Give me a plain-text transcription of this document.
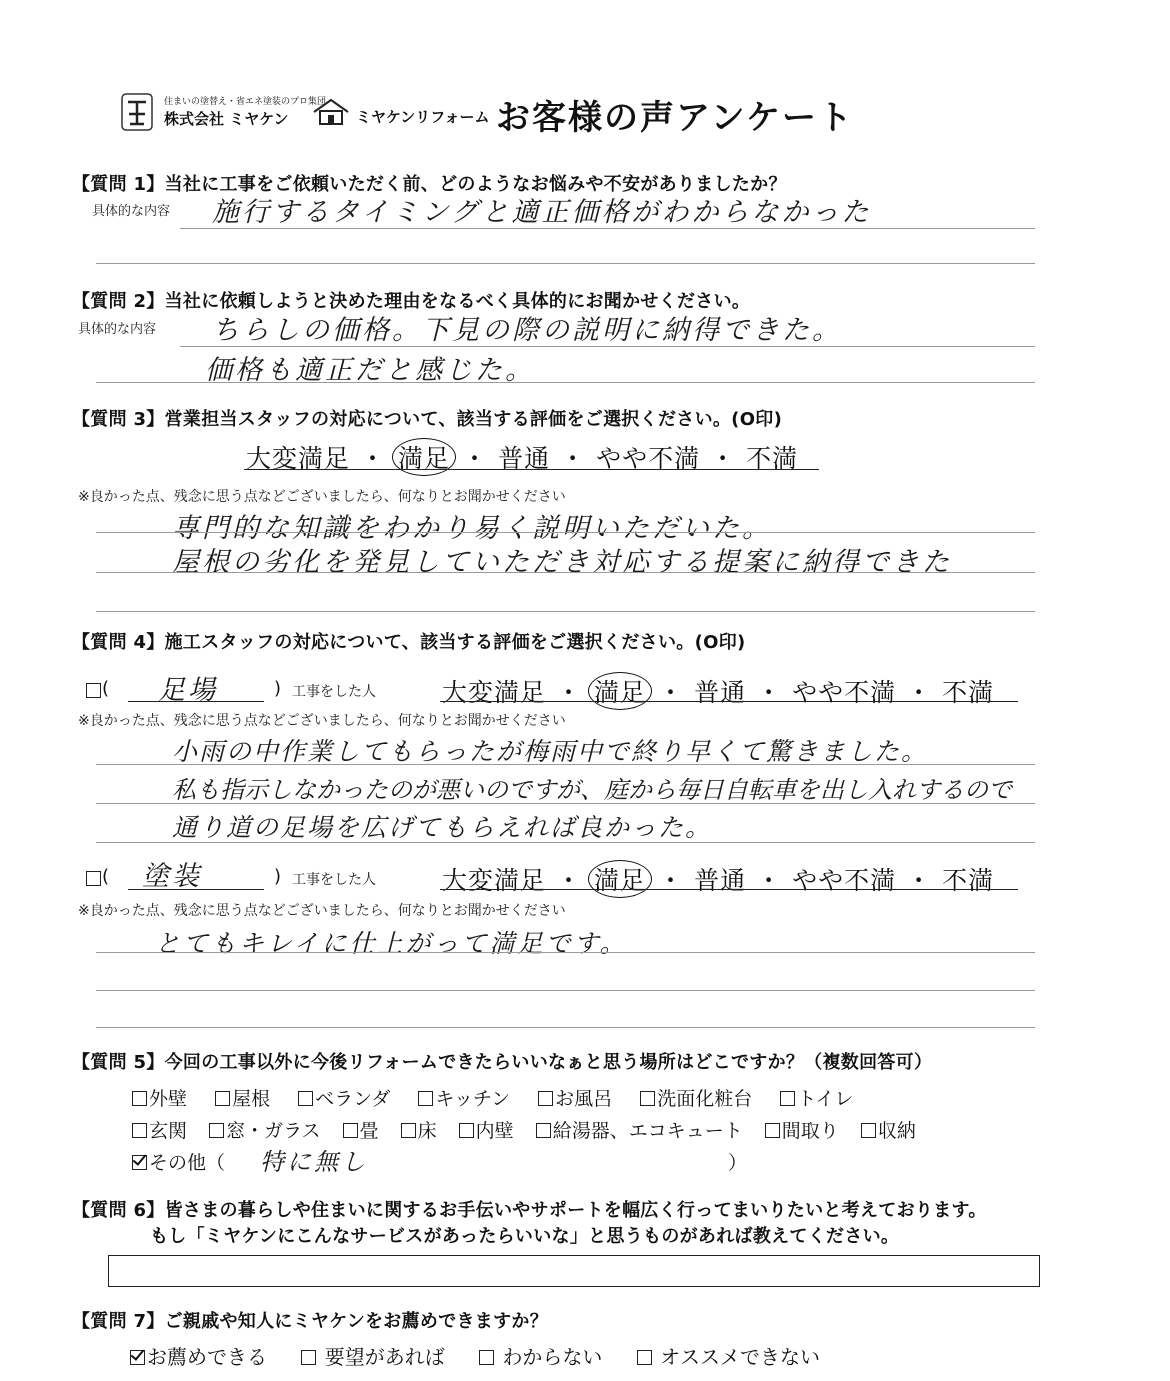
住まいの塗替え・省エネ塗装のプロ集団
株式会社 ミヤケン	ミヤケンリフォーム お客様の声アンケート
【質問 1】当社に工事をご依頼いただく前、どのようなお悩みや不安がありましたか？
具体的な内容 施行するタイミングと適正価格がわからなかった
【質問 2】当社に依頼しようと決めた理由をなるべく具体的にお聞かせください。
具体的な内容 ちらしの価格。下見の際の説明に納得できた。
価格も適正だと感じた。
【質問 3】営業担当スタッフの対応について、該当する評価をご選択ください。(O印)
大変満足 ・ 満足 ・ 普通 ・ やや不満 ・ 不満
※良かった点、残念に思う点などございましたら、何なりとお聞かせください
専門的な知識をわかり易く説明いただいた。
屋根の劣化を発見していただき対応する提案に納得できた
【質問 4】施工スタッフの対応について、該当する評価をご選択ください。(O印)
( 足場	) 工事をした人	大変満足 ・ 満足 ・ 普通 ・ やや不満 ・ 不満
※良かった点、残念に思う点などございましたら、何なりとお聞かせください
小雨の中作業してもらったが梅雨中で終り早くて驚きました。
私も指示しなかったのが悪いのですが、庭から毎日自転車を出し入れするので
通り道の足場を広げてもらえれば良かった。
( 塗装	) 工事をした人	大変満足 ・ 満足 ・ 普通 ・ やや不満 ・ 不満
※良かった点、残念に思う点などございましたら、何なりとお聞かせください
とてもキレイに仕上がって満足です。
【質問 5】今回の工事以外に今後リフォームできたらいいなぁと思う場所はどこですか？（複数回答可）
外壁 屋根 ベランダ キッチン お風呂 洗面化粧台 トイレ
玄関 窓・ガラス 畳 床 内壁 給湯器、エコキュート 間取り 収納
その他（ 特に無し	）
【質問 6】皆さまの暮らしや住まいに関するお手伝いやサポートを幅広く行ってまいりたいと考えております。
もし「ミヤケンにこんなサービスがあったらいいな」と思うものがあれば教えてください。
【質問 7】ご親戚や知人にミヤケンをお薦めできますか？
お薦めできる	要望があれば	わからない	オススメできない
